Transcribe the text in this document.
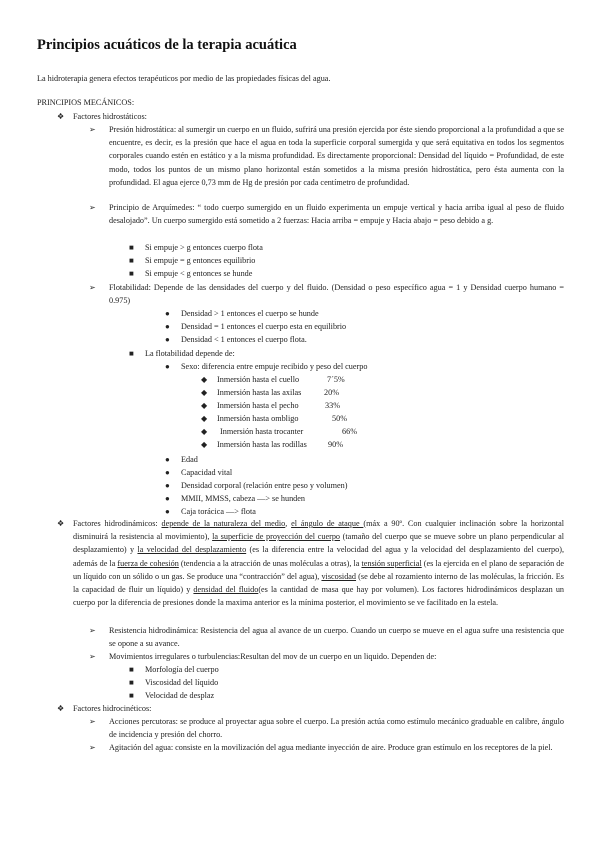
Principios acuáticos de la terapia acuática
La hidroterapia genera efectos terapéuticos por medio de las propiedades físicas del agua.
PRINCIPIOS MECÁNICOS:
❖ Factores hidrostáticos:
➢ Presión hidrostática: al sumergir un cuerpo en un fluido, sufrirá una presión ejercida por éste siendo proporcional a la profundidad a que se encuentre, es decir, es la presión que hace el agua en toda la superficie corporal sumergida y que será equitativa en todos los segmentos corporales cuando estén en estático y a la misma profundidad. Es directamente proporcional: Densidad del líquido = Profundidad, de este modo, todos los puntos de un mismo plano horizontal están sometidos a la misma presión hidrostática, pero ésta aumenta con la profundidad. El agua ejerce 0,73 mm de Hg de presión por cada centímetro de profundidad.
➢ Principio de Arquímedes: “ todo cuerpo sumergido en un fluido experimenta un empuje vertical y hacia arriba igual al peso de fluido desalojado”. Un cuerpo sumergido está sometido a 2 fuerzas: Hacia arriba = empuje y Hacia abajo = peso debido a g.
■ Si empuje > g entonces cuerpo flota
■ Si empuje = g entonces equilibrio
■ Si empuje < g entonces se hunde
➢ Flotabilidad: Depende de las densidades del cuerpo y del fluido. (Densidad o peso específico agua = 1 y Densidad cuerpo humano = 0.975)
● Densidad > 1 entonces el cuerpo se hunde
● Densidad = 1 entonces el cuerpo esta en equilibrio
● Densidad < 1 entonces el cuerpo flota.
■ La flotabilidad depende de:
● Sexo: diferencia entre empuje recibido y peso del cuerpo
◆ Inmersión hasta el cuello	7´5%
◆ Inmersión hasta las axilas	20%
◆ Inmersión hasta el pecho	33%
◆ Inmersión hasta ombligo	50%
◆ Inmersión hasta trocanter	66%
◆ Inmersión hasta las rodillas	90%
● Edad
● Capacidad vital
● Densidad corporal (relación entre peso y volumen)
● MMII, MMSS, cabeza —> se hunden
● Caja torácica —> flota
❖ Factores hidrodinámicos: depende de la naturaleza del medio, el ángulo de ataque (máx a 90º. Con cualquier inclinación sobre la horizontal disminuirá la resistencia al movimiento), la superficie de proyección del cuerpo (tamaño del cuerpo que se mueve sobre un plano perpendicular al desplazamiento) y la velocidad del desplazamiento (es la diferencia entre la velocidad del agua y la velocidad del desplazamiento del cuerpo), además de la fuerza de cohesión (tendencia a la atracción de unas moléculas a otras), la tensión superficial (es la ejercida en el plano de separación de un líquido con un sólido o un gas. Se produce una “contracción” del agua), viscosidad (se debe al rozamiento interno de las moléculas, la fricción. Es la capacidad de fluir un líquido) y densidad del fluido(es la cantidad de masa que hay por volumen). Los factores hidrodinámicos desplazan un cuerpo por la diferencia de presiones donde la maxima anterior es la mínima posterior, el movimiento se ve facilitado en la estela.
➢ Resistencia hidrodinámica: Resistencia del agua al avance de un cuerpo. Cuando un cuerpo se mueve en el agua sufre una resistencia que se opone a su avance.
➢ Movimientos irregulares o turbulencias:Resultan del mov de un cuerpo en un liquido. Dependen de:
■ Morfología del cuerpo
■ Viscosidad del líquido
■ Velocidad de desplaz
❖ Factores hidrocinéticos:
➢ Acciones percutoras: se produce al proyectar agua sobre el cuerpo. La presión actúa como estímulo mecánico graduable en calibre, ángulo de incidencia y presión del chorro.
➢ Agitación del agua: consiste en la movilización del agua mediante inyección de aire. Produce gran estímulo en los receptores de la piel.
